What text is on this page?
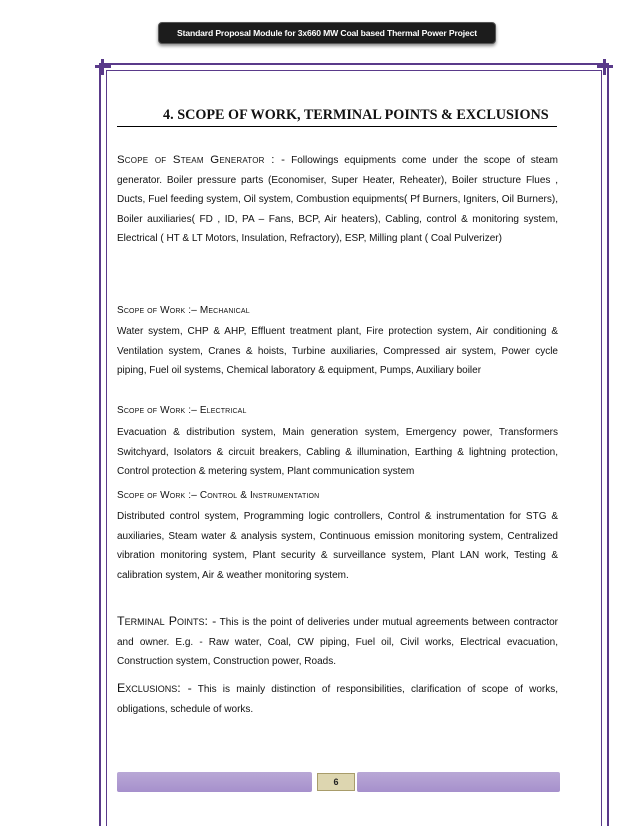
Standard Proposal Module for 3x660 MW Coal based Thermal Power Project
4. SCOPE OF WORK, TERMINAL POINTS & EXCLUSIONS
Scope of Steam Generator : - Followings equipments come under the scope of steam generator. Boiler pressure parts (Economiser, Super Heater, Reheater), Boiler structure Flues , Ducts, Fuel feeding system, Oil system, Combustion equipments( Pf Burners, Igniters, Oil Burners), Boiler auxiliaries( FD , ID, PA – Fans, BCP, Air heaters), Cabling, control & monitoring system, Electrical ( HT & LT Motors, Insulation, Refractory), ESP, Milling plant ( Coal Pulverizer)
Scope of Work :– Mechanical
Water system, CHP & AHP, Effluent treatment plant, Fire protection system, Air conditioning & Ventilation system, Cranes & hoists, Turbine auxiliaries, Compressed air system, Power cycle piping, Fuel oil systems, Chemical laboratory & equipment, Pumps, Auxiliary boiler
Scope of Work :– Electrical
Evacuation & distribution system, Main generation system, Emergency power, Transformers Switchyard, Isolators & circuit breakers, Cabling & illumination, Earthing & lightning protection, Control protection & metering system, Plant communication system
Scope of Work :– Control & Instrumentation
Distributed control system, Programming logic controllers, Control & instrumentation for STG & auxiliaries, Steam water & analysis system, Continuous emission monitoring system, Centralized vibration monitoring system, Plant security & surveillance system, Plant LAN work, Testing & calibration system, Air & weather monitoring system.
Terminal Points: - This is the point of deliveries under mutual agreements between contractor and owner. E.g. - Raw water, Coal, CW piping, Fuel oil, Civil works, Electrical evacuation, Construction system, Construction power, Roads.
Exclusions: - This is mainly distinction of responsibilities, clarification of scope of works, obligations, schedule of works.
6
